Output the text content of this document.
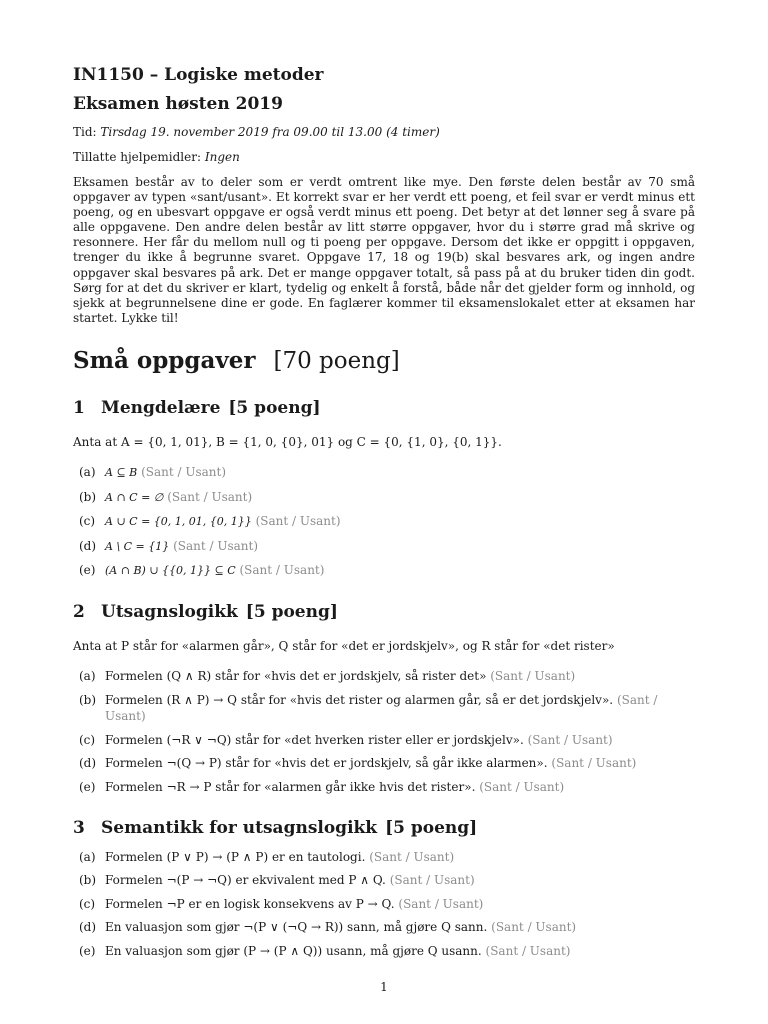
IN1150 – Logiske metoder
Eksamen høsten 2019
Tid: Tirsdag 19. november 2019 fra 09.00 til 13.00 (4 timer)
Tillatte hjelpemidler: Ingen

Eksamen består av to deler som er verdt omtrent like mye. Den første delen består av 70 små oppgaver av typen «sant/usant». Et korrekt svar er her verdt ett poeng, et feil svar er verdt minus ett poeng, og en ubesvart oppgave er også verdt minus ett poeng. Det betyr at det lønner seg å svare på alle oppgavene. Den andre delen består av litt større oppgaver, hvor du i større grad må skrive og resonnere. Her får du mellom null og ti poeng per oppgave. Dersom det ikke er oppgitt i oppgaven, trenger du ikke å begrunne svaret. Oppgave 17, 18 og 19(b) skal besvares ark, og ingen andre oppgaver skal besvares på ark. Det er mange oppgaver totalt, så pass på at du bruker tiden din godt. Sørg for at det du skriver er klart, tydelig og enkelt å forstå, både når det gjelder form og innhold, og sjekk at begrunnelsene dine er gode. En faglærer kommer til eksamenslokalet etter at eksamen har startet. Lykke til!

Små oppgaver [70 poeng]
1 Mengdelære [5 poeng]
Anta at A = {0, 1, 01}, B = {1, 0, {0}, 01} og C = {0, {1, 0}, {0, 1}}.
(a) A ⊆ B (Sant / Usant)
(b) A ∩ C = ∅ (Sant / Usant)
(c) A ∪ C = {0, 1, 01, {0, 1}} (Sant / Usant)
(d) A \ C = {1} (Sant / Usant)
(e) (A ∩ B) ∪ {{0, 1}} ⊆ C (Sant / Usant)
2 Utsagnslogikk [5 poeng]
Anta at P står for «alarmen går», Q står for «det er jordskjelv», og R står for «det rister»
(a) Formelen (Q ∧ R) står for «hvis det er jordskjelv, så rister det» (Sant / Usant)
(b) Formelen (R ∧ P) → Q står for «hvis det rister og alarmen går, så er det jordskjelv». (Sant / Usant)
(c) Formelen (¬R ∨ ¬Q) står for «det hverken rister eller er jordskjelv». (Sant / Usant)
(d) Formelen ¬(Q → P) står for «hvis det er jordskjelv, så går ikke alarmen». (Sant / Usant)
(e) Formelen ¬R → P står for «alarmen går ikke hvis det rister». (Sant / Usant)
3 Semantikk for utsagnslogikk [5 poeng]
(a) Formelen (P ∨ P) → (P ∧ P) er en tautologi. (Sant / Usant)
(b) Formelen ¬(P → ¬Q) er ekvivalent med P ∧ Q. (Sant / Usant)
(c) Formelen ¬P er en logisk konsekvens av P → Q. (Sant / Usant)
(d) En valuasjon som gjør ¬(P ∨ (¬Q → R)) sann, må gjøre Q sann. (Sant / Usant)
(e) En valuasjon som gjør (P → (P ∧ Q)) usann, må gjøre Q usann. (Sant / Usant)
1
